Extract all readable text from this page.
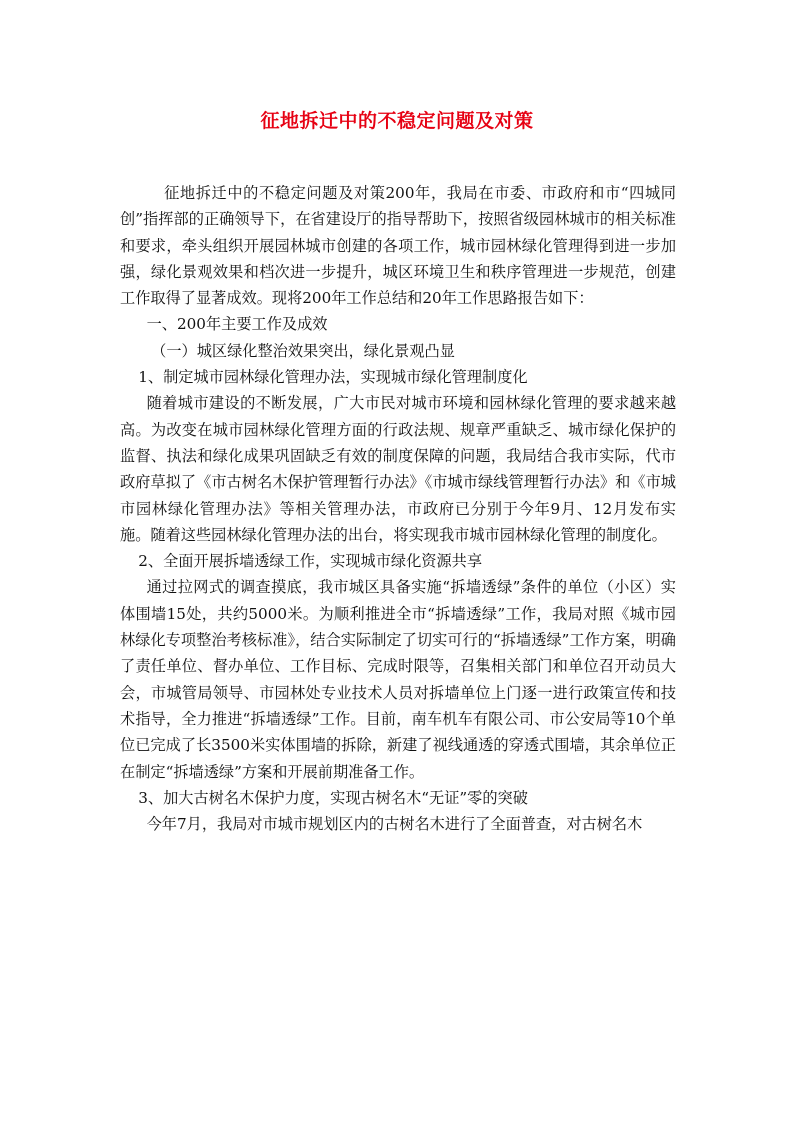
征地拆迁中的不稳定问题及对策

征地拆迁中的不稳定问题及对策200年，我局在市委、市政府和市“四城同创”指挥部的正确领导下，在省建设厅的指导帮助下，按照省级园林城市的相关标准和要求，牵头组织开展园林城市创建的各项工作，城市园林绿化管理得到进一步加强，绿化景观效果和档次进一步提升，城区环境卫生和秩序管理进一步规范，创建工作取得了显著成效。现将200年工作总结和20年工作思路报告如下：

一、200年主要工作及成效

（一）城区绿化整治效果突出，绿化景观凸显

1、制定城市园林绿化管理办法，实现城市绿化管理制度化

随着城市建设的不断发展，广大市民对城市环境和园林绿化管理的要求越来越高。为改变在城市园林绿化管理方面的行政法规、规章严重缺乏、城市绿化保护的监督、执法和绿化成果巩固缺乏有效的制度保障的问题，我局结合我市实际，代市政府草拟了《市古树名木保护管理暂行办法》《市城市绿线管理暂行办法》和《市城市园林绿化管理办法》等相关管理办法，市政府已分别于今年9月、12月发布实施。随着这些园林绿化管理办法的出台，将实现我市城市园林绿化管理的制度化。

2、全面开展拆墙透绿工作，实现城市绿化资源共享

通过拉网式的调查摸底，我市城区具备实施“拆墙透绿”条件的单位（小区）实体围墙15处，共约5000米。为顺利推进全市“拆墙透绿”工作，我局对照《城市园林绿化专项整治考核标准》，结合实际制定了切实可行的“拆墙透绿”工作方案，明确了责任单位、督办单位、工作目标、完成时限等，召集相关部门和单位召开动员大会，市城管局领导、市园林处专业技术人员对拆墙单位上门逐一进行政策宣传和技术指导，全力推进“拆墙透绿”工作。目前，南车机车有限公司、市公安局等10个单位已完成了长3500米实体围墙的拆除，新建了视线通透的穿透式围墙，其余单位正在制定“拆墙透绿”方案和开展前期准备工作。

3、加大古树名木保护力度，实现古树名木“无证”零的突破

今年7月，我局对市城市规划区内的古树名木进行了全面普查，对古树名木
